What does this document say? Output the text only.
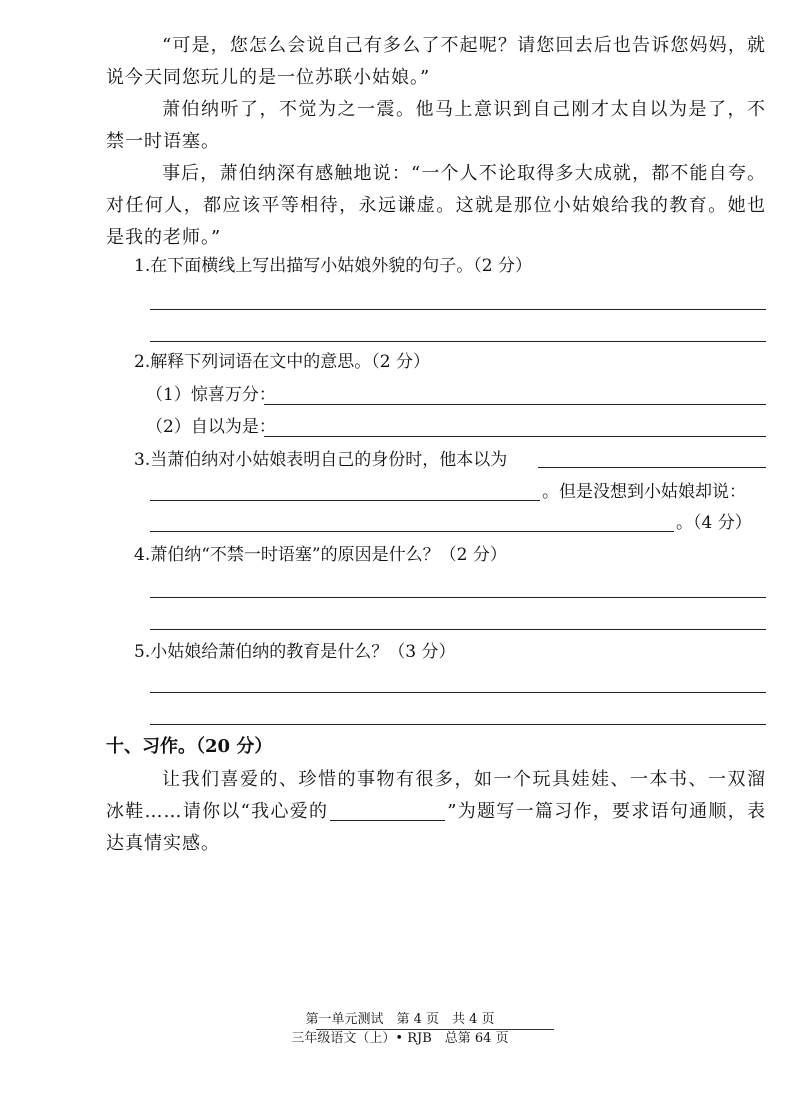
“可是，您怎么会说自己有多么了不起呢？请您回去后也告诉您妈妈，就说今天同您玩儿的是一位苏联小姑娘。”

萧伯纳听了，不觉为之一震。他马上意识到自己刚才太自以为是了，不禁一时语塞。

事后，萧伯纳深有感触地说：“一个人不论取得多大成就，都不能自夸。对任何人，都应该平等相待，永远谦虚。这就是那位小姑娘给我的教育。她也是我的老师。”

1.在下面横线上写出描写小姑娘外貌的句子。（2 分）

2.解释下列词语在文中的意思。（2 分）

（1）惊喜万分：
（2）自以为是：
3.当萧伯纳对小姑娘表明自己的身份时，他本以为
。但是没想到小姑娘却说：
。（4 分）

4.萧伯纳“不禁一时语塞”的原因是什么？（2 分）

5.小姑娘给萧伯纳的教育是什么？（3 分）

十、习作。（20 分）

让我们喜爱的、珍惜的事物有很多，如一个玩具娃娃、一本书、一双溜冰鞋……请你以“我心爱的	”为题写一篇习作，要求语句通顺，表达真情实感。

第一单元测试　第 4 页　共 4 页
三年级语文（上）• RJB　总第 64 页
